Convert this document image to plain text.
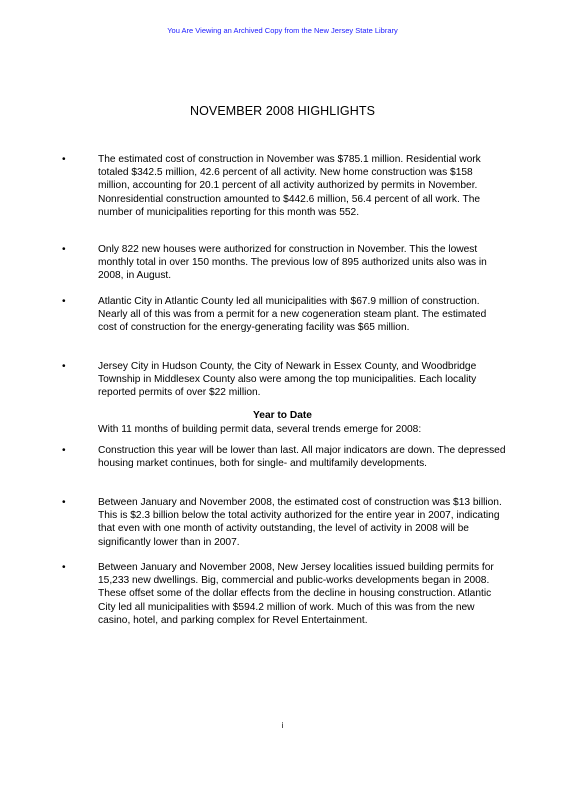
You Are Viewing an Archived Copy from the New Jersey State Library
NOVEMBER 2008 HIGHLIGHTS
•	The estimated cost of construction in November was $785.1 million. Residential work totaled $342.5 million, 42.6 percent of all activity. New home construction was $158 million, accounting for 20.1 percent of all activity authorized by permits in November. Nonresidential construction amounted to $442.6 million, 56.4 percent of all work. The number of municipalities reporting for this month was 552.
•	Only 822 new houses were authorized for construction in November. This the lowest monthly total in over 150 months. The previous low of 895 authorized units also was in 2008, in August.
•	Atlantic City in Atlantic County led all municipalities with $67.9 million of construction. Nearly all of this was from a permit for a new cogeneration steam plant. The estimated cost of construction for the energy-generating facility was $65 million.
•	Jersey City in Hudson County, the City of Newark in Essex County, and Woodbridge Township in Middlesex County also were among the top municipalities. Each locality reported permits of over $22 million.
Year to Date
With 11 months of building permit data, several trends emerge for 2008:
•	Construction this year will be lower than last. All major indicators are down. The depressed housing market continues, both for single- and multifamily developments.
•	Between January and November 2008, the estimated cost of construction was $13 billion. This is $2.3 billion below the total activity authorized for the entire year in 2007, indicating that even with one month of activity outstanding, the level of activity in 2008 will be significantly lower than in 2007.
•	Between January and November 2008, New Jersey localities issued building permits for 15,233 new dwellings. Big, commercial and public-works developments began in 2008. These offset some of the dollar effects from the decline in housing construction. Atlantic City led all municipalities with $594.2 million of work. Much of this was from the new casino, hotel, and parking complex for Revel Entertainment.
i
